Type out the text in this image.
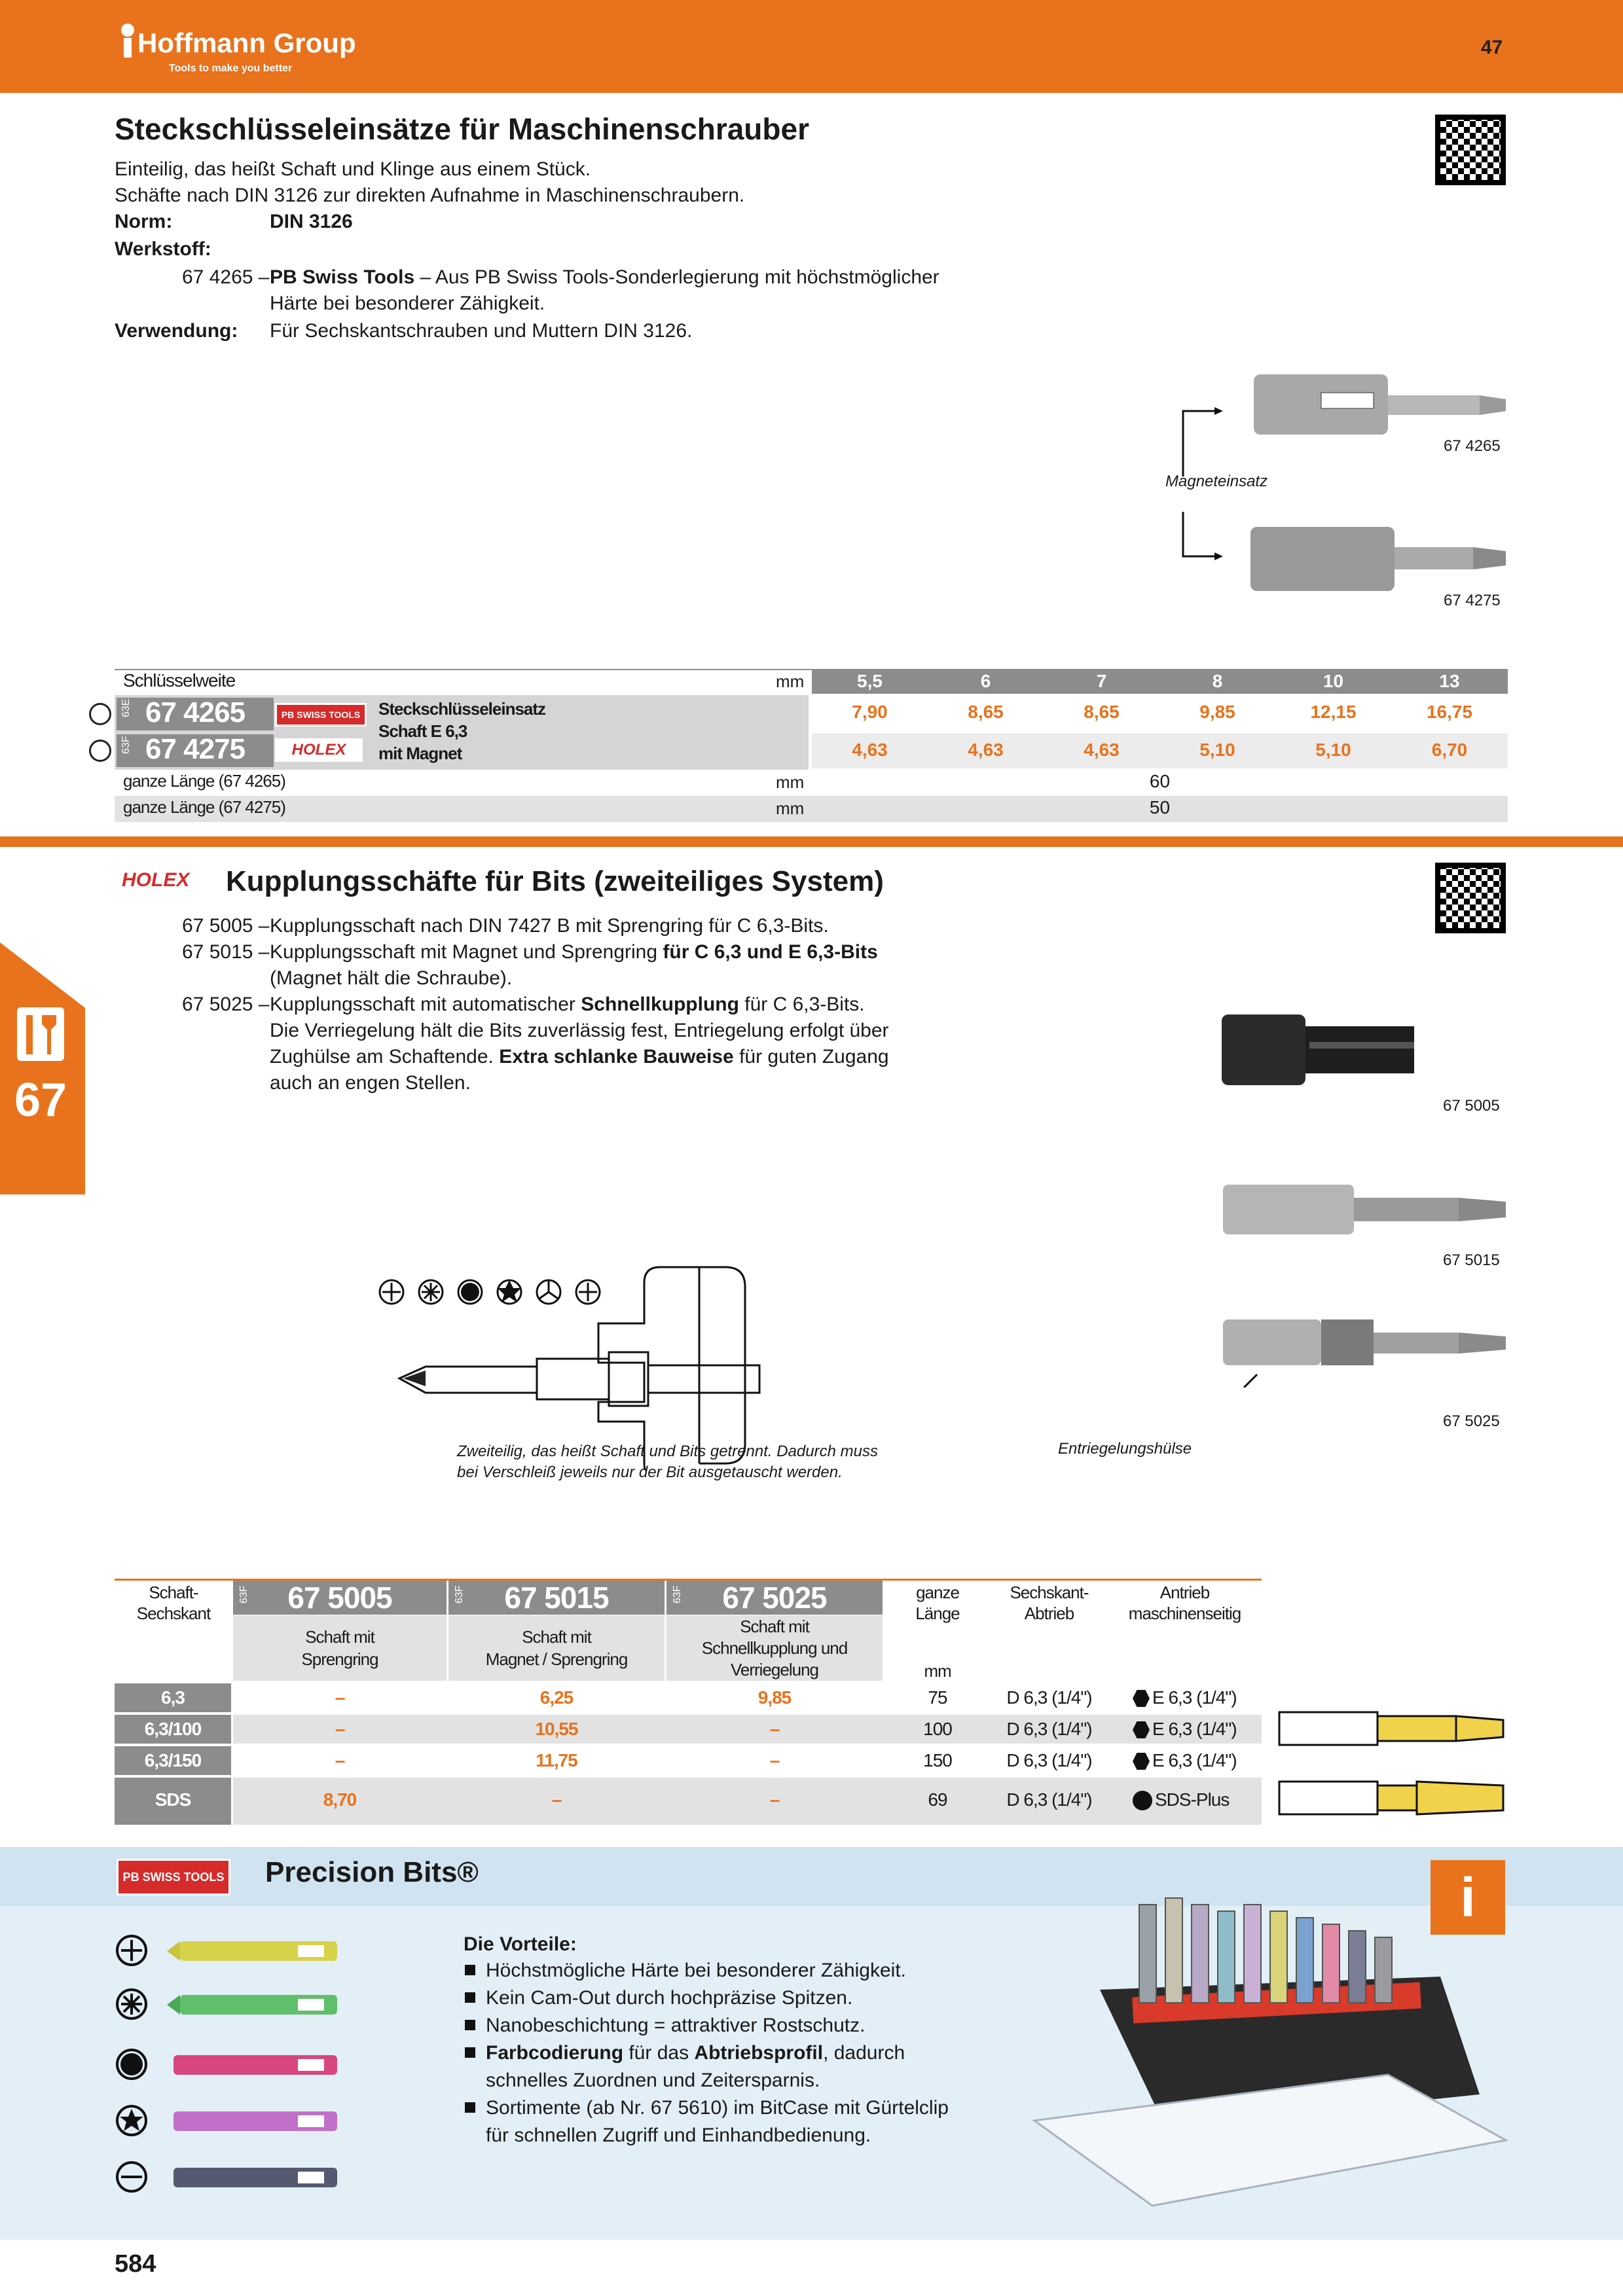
Hoffmann Group
Tools to make you better
47	DEE
Steckschlüsseleinsätze für Maschinenschrauber
Einteilig, das heißt Schaft und Klinge aus einem Stück.
Schäfte nach DIN 3126 zur direkten Aufnahme in Maschinenschraubern.
Norm:	DIN 3126
Werkstoff:
67 4265 – PB Swiss Tools – Aus PB Swiss Tools-Sonderlegierung mit höchstmöglicher
Härte bei besonderer Zähigkeit.
Verwendung: Für Sechskantschrauben und Muttern DIN 3126.
Magneteinsatz
67 4265
67 4275
Schlüsselweite	mm	5,5	6	7	8	10	13
63E
63F
67 4265
67 4275
PB SWISS TOOLS
HOLEX
Steckschlüsseleinsatz
Schaft E 6,3
mit Magnet
7,90	8,65	8,65	9,85	12,15	16,75
4,63	4,63	4,63	5,10	5,10	6,70
ganze Länge (67 4265)	mm	60
ganze Länge (67 4275)	mm	50
67
HOLEX Kupplungsschäfte für Bits (zweiteiliges System)
67 5005 – Kupplungsschaft nach DIN 7427 B mit Sprengring für C 6,3-Bits.
67 5015 – Kupplungsschaft mit Magnet und Sprengring für C 6,3 und E 6,3-Bits
(Magnet hält die Schraube).
67 5025 – Kupplungsschaft mit automatischer Schnellkupplung für C 6,3-Bits.
Die Verriegelung hält die Bits zuverlässig fest, Entriegelung erfolgt über
Zughülse am Schaftende. Extra schlanke Bauweise für guten Zugang
auch an engen Stellen.
67 5005
67 5015
67 5025
Entriegelungshülse
Zweiteilig, das heißt Schaft und Bits getrennt. Dadurch muss
bei Verschleiß jeweils nur der Bit ausgetauscht werden.
Schaft-
Sechskant
63F	63F	63F
67 5005	67 5015	67 5025
Schaft mit
Sprengring
Schaft mit
Magnet / Sprengring
Schaft mit
Schnellkupplung und
Verriegelung
ganze
Länge
mm
Sechskant-
Abtrieb
Antrieb
maschinenseitig
6,3	–	6,25	9,85	75	D 6,3 (1/4")	E 6,3 (1/4")
6,3/100	–	10,55	–	100	D 6,3 (1/4")	E 6,3 (1/4")
6,3/150	–	11,75	–	150	D 6,3 (1/4")	E 6,3 (1/4")
SDS	8,70	–	–	69	D 6,3 (1/4")	SDS-Plus
PB SWISS TOOLS Precision Bits®	i
Die Vorteile:
Höchstmögliche Härte bei besonderer Zähigkeit.
Kein Cam-Out durch hochpräzise Spitzen.
Nanobeschichtung = attraktiver Rostschutz.
Farbcodierung für das Abtriebsprofil, dadurch
schnelles Zuordnen und Zeitersparnis.
Sortimente (ab Nr. 67 5610) im BitCase mit Gürtelclip
für schnellen Zugriff und Einhandbedienung.
584
